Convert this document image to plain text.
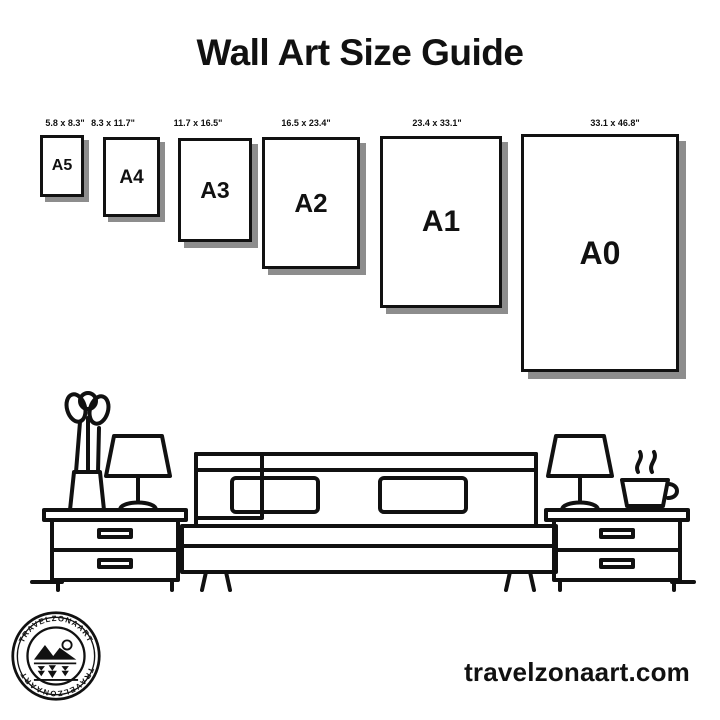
Wall Art Size Guide
5.8 x 8.3"
A5
8.3 x 11.7"
A4
11.7 x 16.5"
A3
16.5 x 23.4"
A2
23.4 x 33.1"
A1
33.1 x 46.8"
A0
TRAVELZONAART
TRAVELZONAART	travelzonaart.com
